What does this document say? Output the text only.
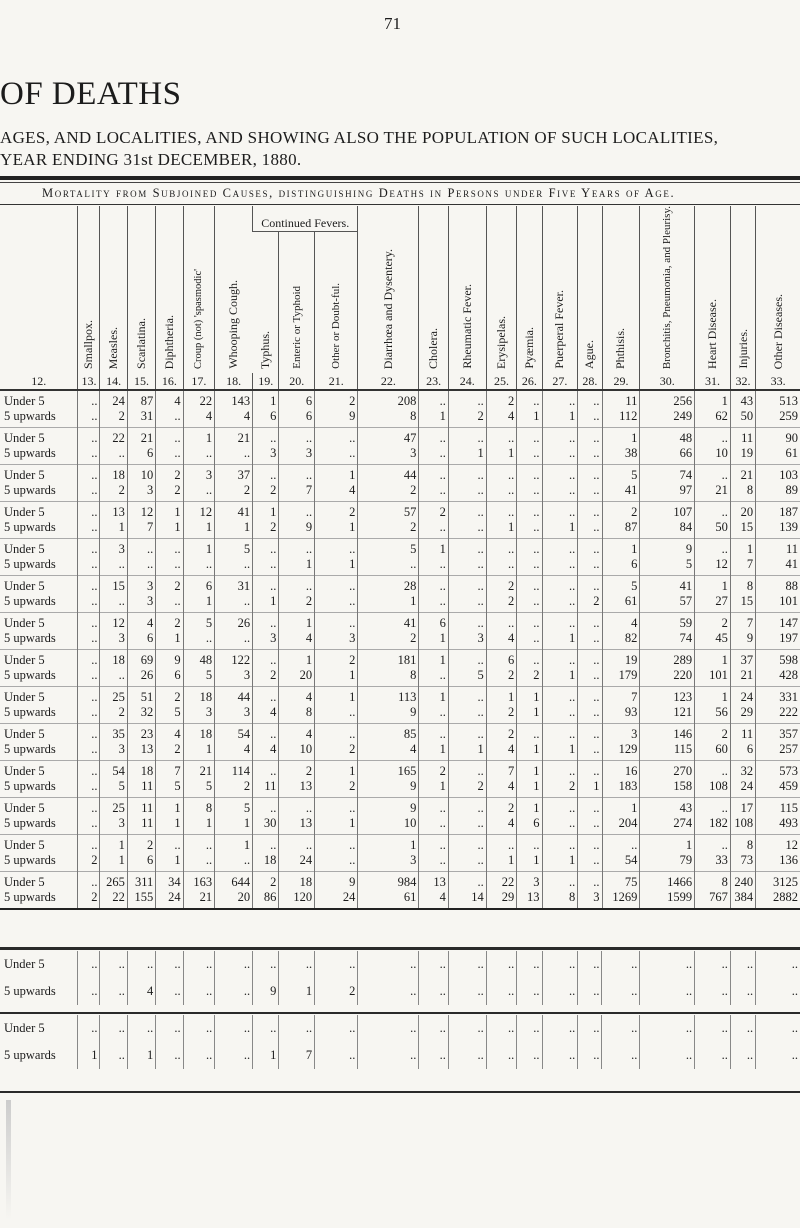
71
OF DEATHS
AGES, AND LOCALITIES, AND SHOWING ALSO THE POPULATION OF SUCH LOCALITIES,
YEAR ENDING 31st DECEMBER, 1880.
Mortality from Subjoined Causes, distinguishing Deaths in Persons under Five Years of Age.
	Smallpox.	Measles.	Scarlatina.	Diphtheria.	Croup (not) 'spasmodic'	Whooping Cough.	Continued Fevers.			Diarrhœa and Dysentery.	Cholera.	Rheumatic Fever.	Erysipelas.	Pyæmia.	Puerperal Fever.	Ague.	Phthisis.	Bronchitis, Pneumonia, and Pleurisy.	Heart Disease.	Injuries.	Other Diseases.
							Typhus.	Enteric or Typhoid	Other or Doubt-ful.												
12.	13.	14.	15.	16.	17.	18.	19.	20.	21.	22.	23.	24.	25.	26.	27.	28.	29.	30.	31.	32.	33.
Under 5	..	24	87	4	22	143	1	6	2	208	..	..	2	..	..	..	11	256	1	43	513
5 upwards	..	2	31	..	4	4	6	6	9	8	1	2	4	1	1	..	112	249	62	50	259
Under 5	..	22	21	..	1	21	..	..	..	47	..	..	..	..	..	..	1	48	..	11	90
5 upwards	..	..	6	..	..	..	3	3	..	3	..	1	1	..	..	..	38	66	10	19	61
Under 5	..	18	10	2	3	37	..	..	1	44	..	..	..	..	..	..	5	74	..	21	103
5 upwards	..	2	3	2	..	2	2	7	4	2	..	..	..	..	..	..	41	97	21	8	89
Under 5	..	13	12	1	12	41	1	..	2	57	2	..	..	..	..	..	2	107	..	20	187
5 upwards	..	1	7	1	1	1	2	9	1	2	..	..	1	..	1	..	87	84	50	15	139
Under 5	..	3	..	..	1	5	..	..	..	5	1	..	..	..	..	..	1	9	..	1	11
5 upwards	..	..	..	..	..	..	..	1	1	..	..	..	..	..	..	..	6	5	12	7	41
Under 5	..	15	3	2	6	31	..	..	..	28	..	..	2	..	..	..	5	41	1	8	88
5 upwards	..	..	3	..	1	..	1	2	..	1	..	..	2	..	..	2	61	57	27	15	101
Under 5	..	12	4	2	5	26	..	1	..	41	6	..	..	..	..	..	4	59	2	7	147
5 upwards	..	3	6	1	..	..	3	4	3	2	1	3	4	..	1	..	82	74	45	9	197
Under 5	..	18	69	9	48	122	..	1	2	181	1	..	6	..	..	..	19	289	1	37	598
5 upwards	..	..	26	6	5	3	2	20	1	8	..	5	2	2	1	..	179	220	101	21	428
Under 5	..	25	51	2	18	44	..	4	1	113	1	..	1	1	..	..	7	123	1	24	331
5 upwards	..	2	32	5	3	3	4	8	..	9	..	..	2	1	..	..	93	121	56	29	222
Under 5	..	35	23	4	18	54	..	4	..	85	..	..	2	..	..	..	3	146	2	11	357
5 upwards	..	3	13	2	1	4	4	10	2	4	1	1	4	1	1	..	129	115	60	6	257
Under 5	..	54	18	7	21	114	..	2	1	165	2	..	7	1	..	..	16	270	..	32	573
5 upwards	..	5	11	5	5	2	11	13	2	9	1	2	4	1	2	1	183	158	108	24	459
Under 5	..	25	11	1	8	5	..	..	..	9	..	..	2	1	..	..	1	43	..	17	115
5 upwards	..	3	11	1	1	1	30	13	1	10	..	..	4	6	..	..	204	274	182	108	493
Under 5	..	1	2	..	..	1	..	..	..	1	..	..	..	..	..	..	..	1	..	8	12
5 upwards	2	1	6	1	..	..	18	24	..	3	..	..	1	1	1	..	54	79	33	73	136
Under 5	..	265	311	34	163	644	2	18	9	984	13	..	22	3	..	..	75	1466	8	240	3125
5 upwards	2	22	155	24	21	20	86	120	24	61	4	14	29	13	8	3	1269	1599	767	384	2882
Under 5	..	..	..	..	..	..	..	..	..	..	..	..	..	..	..	..	..	..	..	..	..
5 upwards	..	..	4	..	..	..	9	1	2	..	..	..	..	..	..	..	..	..	..	..	..
Under 5	..	..	..	..	..	..	..	..	..	..	..	..	..	..	..	..	..	..	..	..	..
5 upwards	1	..	1	..	..	..	1	7	..	..	..	..	..	..	..	..	..	..	..	..	..
